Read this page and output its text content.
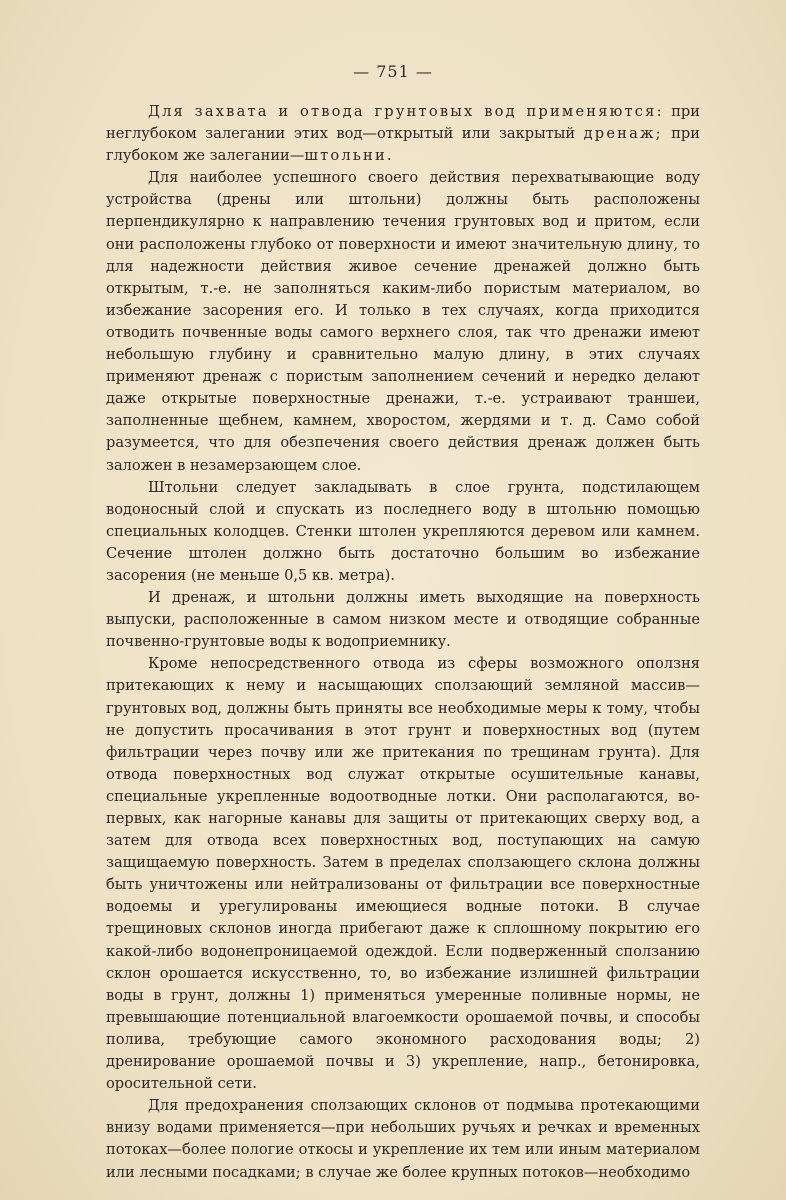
— 751 —

Для захвата и отвода грунтовых вод применяются: при неглубоком залегании этих вод—открытый или закрытый дренаж; при глубоком же залегании—штольни.

Для наиболее успешного своего действия перехватывающие воду устройства (дрены или штольни) должны быть расположены перпендикулярно к направлению течения грунтовых вод и притом, если они расположены глубоко от поверхности и имеют значительную длину, то для надежности действия живое сечение дренажей должно быть открытым, т.-е. не заполняться каким-либо пористым материалом, во избежание засорения его. И только в тех случаях, когда приходится отводить почвенные воды самого верхнего слоя, так что дренажи имеют небольшую глубину и сравнительно малую длину, в этих случаях применяют дренаж с пористым заполнением сечений и нередко делают даже открытые поверхностные дренажи, т.-е. устраивают траншеи, заполненные щебнем, камнем, хворостом, жердями и т. д. Само собой разумеется, что для обезпечения своего действия дренаж должен быть заложен в незамерзающем слое.

Штольни следует закладывать в слое грунта, подстилающем водоносный слой и спускать из последнего воду в штольню помощью специальных колодцев. Стенки штолен укрепляются деревом или камнем. Сечение штолен должно быть достаточно большим во избежание засорения (не меньше 0,5 кв. метра).

И дренаж, и штольни должны иметь выходящие на поверхность выпуски, расположенные в самом низком месте и отводящие собранные почвенно-грунтовые воды к водоприемнику.

Кроме непосредственного отвода из сферы возможного оползня притекающих к нему и насыщающих сползающий земляной массив—грунтовых вод, должны быть приняты все необходимые меры к тому, чтобы не допустить просачивания в этот грунт и поверхностных вод (путем фильтрации через почву или же притекания по трещинам грунта). Для отвода поверхностных вод служат открытые осушительные канавы, специальные укрепленные водоотводные лотки. Они располагаются, во-первых, как нагорные канавы для защиты от притекающих сверху вод, а затем для отвода всех поверхностных вод, поступающих на самую защищаемую поверхность. Затем в пределах сползающего склона должны быть уничтожены или нейтрализованы от фильтрации все поверхностные водоемы и урегулированы имеющиеся водные потоки. В случае трещиновых склонов иногда прибегают даже к сплошному покрытию его какой-либо водонепроницаемой одеждой. Если подверженный сползанию склон орошается искусственно, то, во избежание излишней фильтрации воды в грунт, должны 1) применяться умеренные поливные нормы, не превышающие потенциальной влагоемкости орошаемой почвы, и способы полива, требующие самого экономного расходования воды; 2) дренирование орошаемой почвы и 3) укрепление, напр., бетонировка, оросительной сети.

Для предохранения сползающих склонов от подмыва протекающими внизу водами применяется—при небольших ручьях и речках и временных потоках—более пологие откосы и укрепление их тем или иным материалом или лесными посадками; в случае же более крупных потоков—необходимо
